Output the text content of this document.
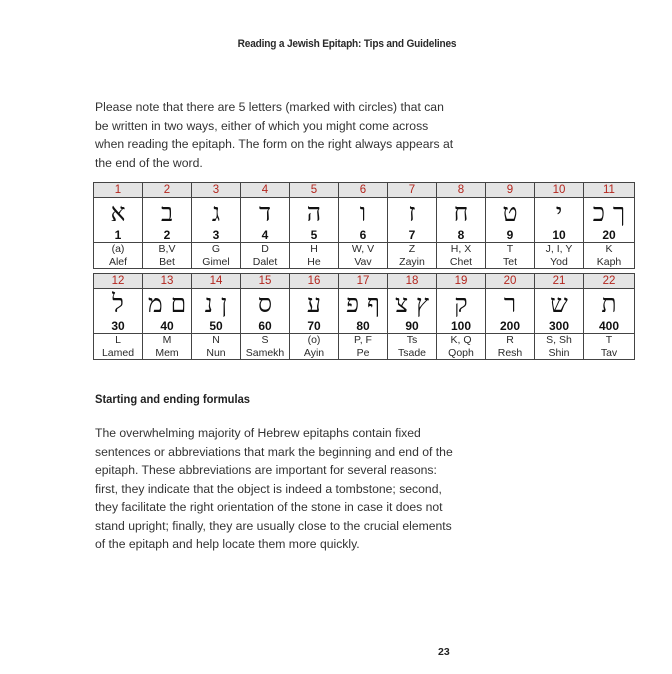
Reading a Jewish Epitaph: Tips and Guidelines

Please note that there are 5 letters (marked with circles) that can be written in two ways, either of which you might come across when reading the epitaph. The form on the right always appears at the end of the word.

1	2	3	4	5	6	7	8	9	10	11
א	ב	ג	ד	ה	ו	ז	ח	ט	י	ך כ
1	2	3	4	5	6	7	8	9	10	20
(a)	B,V	G	D	H	W, V	Z	H, X	T	J, I, Y	K
Alef	Bet	Gimel	Dalet	He	Vav	Zayin	Chet	Tet	Yod	Kaph

12	13	14	15	16	17	18	19	20	21	22
ל	ם מ	ן נ	ס	ע	ף פ	ץ צ	ק	ר	ש	ת
30	40	50	60	70	80	90	100	200	300	400
L	M	N	S	(o)	P, F	Ts	K, Q	R	S, Sh	T
Lamed	Mem	Nun	Samekh	Ayin	Pe	Tsade	Qoph	Resh	Shin	Tav
Starting and ending formulas

The overwhelming majority of Hebrew epitaphs contain fixed sentences or abbreviations that mark the beginning and end of the epitaph. These abbreviations are important for several reasons: first, they indicate that the object is indeed a tombstone; second, they facilitate the right orientation of the stone in case it does not stand upright; finally, they are usually close to the crucial elements of the epitaph and help locate them more quickly.

23
